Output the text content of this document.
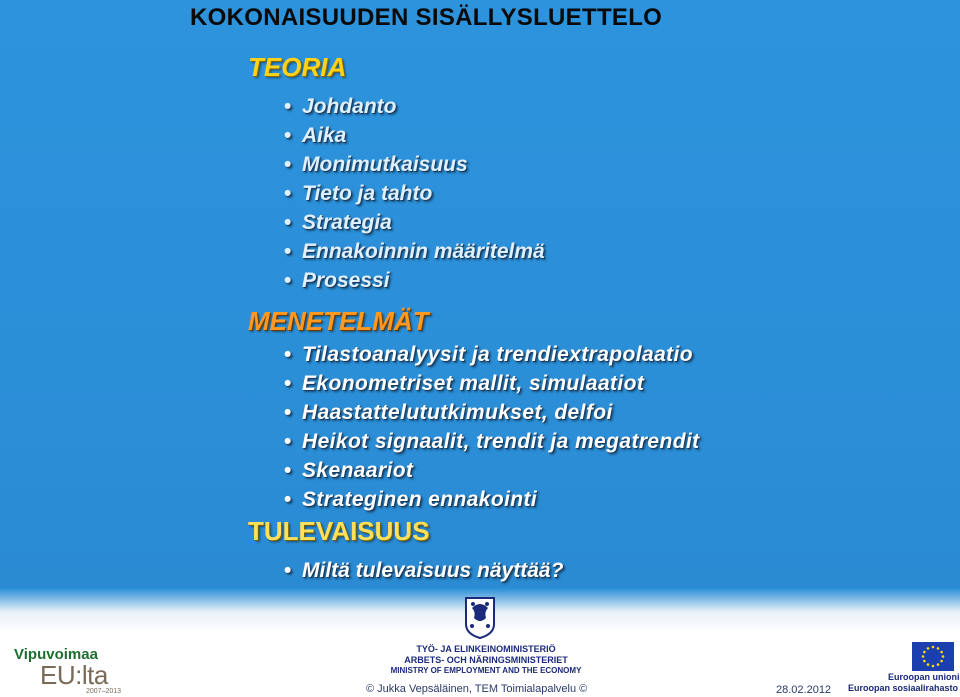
KOKONAISUUDEN SISÄLLYSLUETTELO
TEORIA
• Johdanto
• Aika
• Monimutkaisuus
• Tieto ja tahto
• Strategia
• Ennakoinnin määritelmä
• Prosessi
MENETELMÄT
• Tilastoanalyysit ja trendiextrapolaatio
• Ekonometriset mallit, simulaatiot
• Haastattelututkimukset, delfoi
• Heikot signaalit, trendit ja megatrendit
• Skenaariot
• Strateginen ennakointi
TULEVAISUUS
• Miltä tulevaisuus näyttää?
Vipuvoimaa
EU:lta
2007–2013
TYÖ- JA ELINKEINOMINISTERIÖ
ARBETS- OCH NÄRINGSMINISTERIET
MINISTRY OF EMPLOYMENT AND THE ECONOMY
© Jukka Vepsäläinen, TEM Toimialapalvelu ©	28.02.2012
Euroopan unioni
Euroopan sosiaalirahasto
